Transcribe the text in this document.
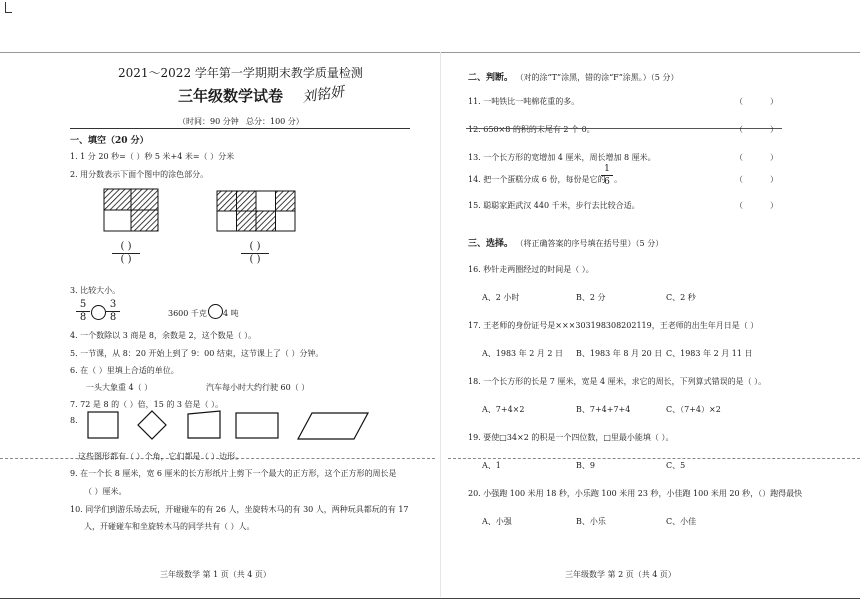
2021～2022 学年第一学期期末教学质量检测
三年级数学试卷 刘铭妍
（时间：90 分钟 总分：100 分）
一、填空（20 分）
1. 1 分 20 秒=（ ）秒 5 米+4 米=（ ）分米
2. 用分数表示下面个图中的涂色部分。
( )
( )
( )
( )
3. 比较大小。
$\frac{5}{8} \frac{3}{8}$	3600 千克 4 吨
4. 一个数除以 3 商是 8，余数是 2，这个数是（ ）。
5. 一节课，从 8：20 开始上到了 9：00 结束，这节课上了（ ）分钟。
6. 在（ ）里填上合适的单位。
一头大象重 4（ ）	汽车每小时大约行驶 60（ ）
7. 72 是 8 的（ ）倍，15 的 3 倍是（ ）。
8.
这些图形都有（ ）个角，它们都是（ ）边形。
9. 在一个长 8 厘米，宽 6 厘米的长方形纸片上剪下一个最大的正方形，这个正方形的周长是
（ ）厘米。
10. 同学们到游乐场去玩，开碰碰车的有 26 人，坐旋转木马的有 30 人，两种玩具都玩的有 17
人，开碰碰车和坐旋转木马的同学共有（ ）人。
三年级数学 第 1 页（共 4 页）
二、判断。 （对的涂“T”涂黑，错的涂“F”涂黑。）（5 分）
11. 一吨铁比一吨棉花重的多。
12. 650×8 的积的末尾有 2 个 0。
13. 一个长方形的宽增加 4 厘米，周长增加 8 厘米。
14. 把一个蛋糕分成 6 份，每份是它的
$\frac{1}{6}$ 。
15. 聪聪家距武汉 440 千米，步行去比较合适。
（	）
（	）
（	）
（	）
（	）
三、选择。 （将正确答案的序号填在括号里）（5 分）
16. 秒针走两圈经过的时间是（ ）。
A、2 小时	B、2 分	C、2 秒
17. 王老师的身份证号是×××303198308202119，王老师的出生年月日是（ ）
A、1983 年 2 月 2 日 B、1983 年 8 月 20 日 C、1983 年 2 月 11 日
18. 一个长方形的长是 7 厘米，宽是 4 厘米，求它的周长，下列算式错误的是（ ）。
A、7+4×2	B、7+4+7+4	C、（7+4）×2
19. 要使□34×2 的积是一个四位数，□里最小能填（ ）。
A、1	B、9	C、5
20. 小强跑 100 米用 18 秒，小乐跑 100 米用 23 秒，小佳跑 100 米用 20 秒，（）跑得最快
A、小强	B、小乐	C、小佳
三年级数学 第 2 页（共 4 页）
